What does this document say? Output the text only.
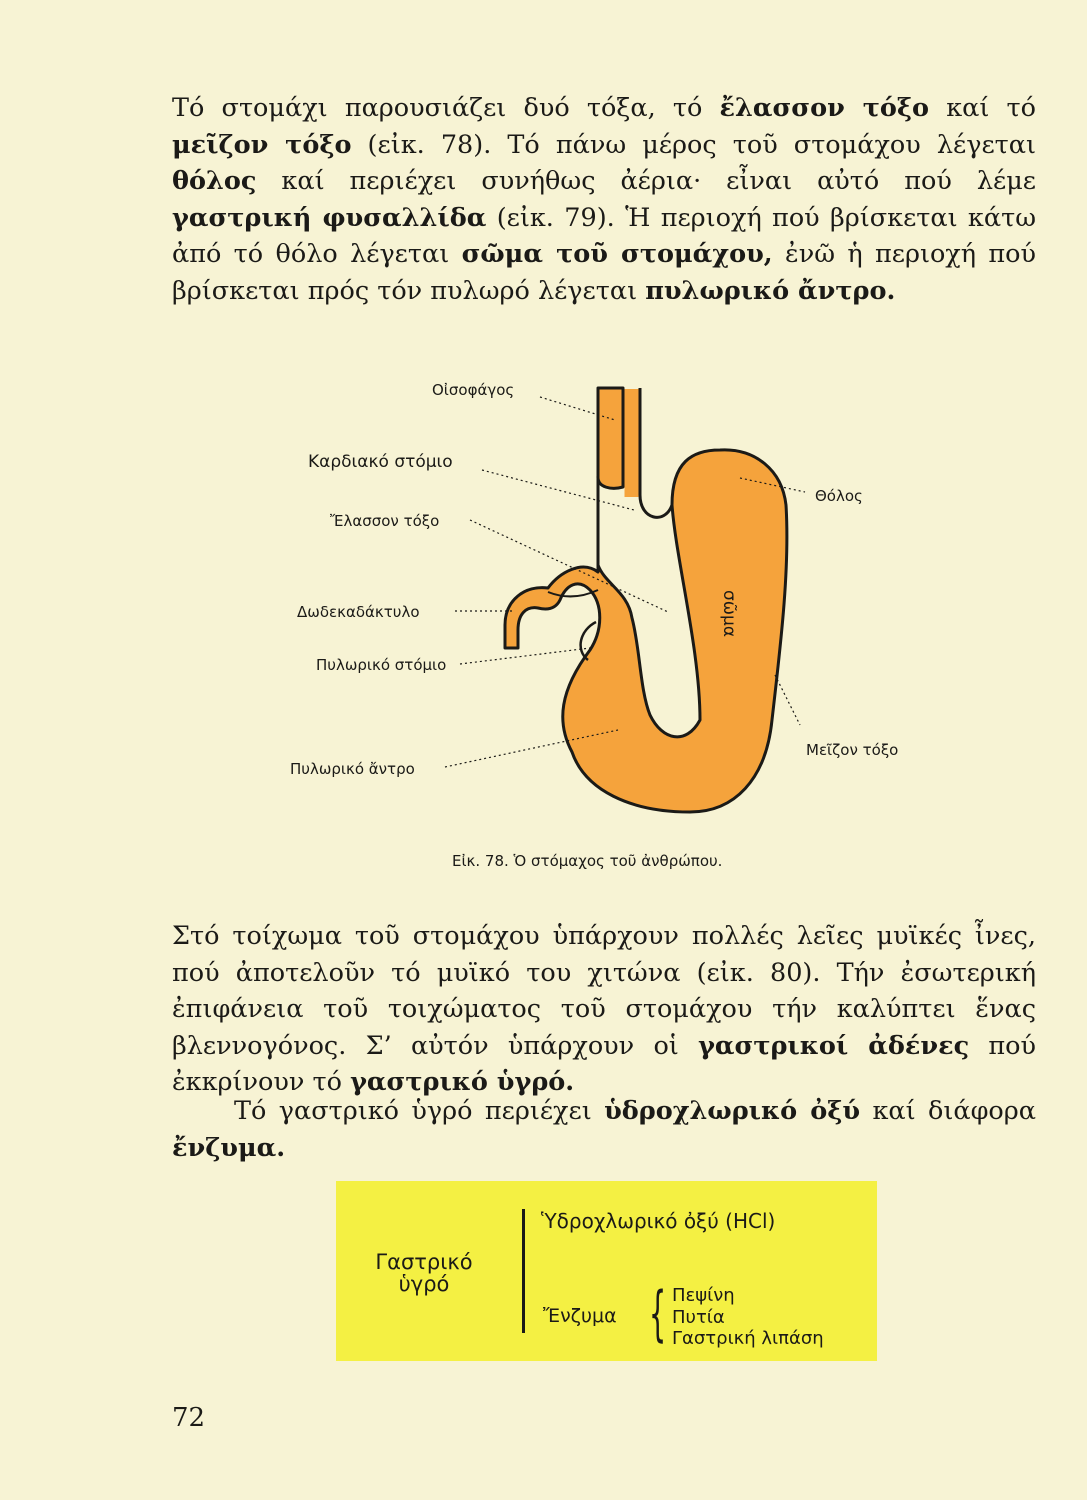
Τό στομάχι παρουσιάζει δυό τόξα, τό ἔλασσον τόξο καί τό μεῖζον τόξο (εἰκ. 78). Τό πάνω μέρος τοῦ στομάχου λέγεται θόλος καί περιέχει συνήθως ἀέρια· εἶναι αὐτό πού λέμε γαστρική φυσαλλίδα (εἰκ. 79). Ἡ περιοχή πού βρίσκεται κάτω ἀπό τό θόλο λέγεται σῶμα τοῦ στομάχου, ἐνῶ ἡ περιοχή πού βρίσκεται πρός τόν πυλωρό λέγεται πυλωρικό ἄντρο.

σῶμα
Οἰσοφάγος
Καρδιακό στόμιο
Ἔλασσον τόξο
Δωδεκαδάκτυλο
Πυλωρικό στόμιο
Πυλωρικό ἄντρο
Θόλος
Μεῖζον τόξο
Εἰκ. 78. Ὁ στόμαχος τοῦ ἀνθρώπου.

Στό τοίχωμα τοῦ στομάχου ὑπάρχουν πολλές λεῖες μυϊκές ἶνες, πού ἀποτελοῦν τό μυϊκό του χιτώνα (εἰκ. 80). Τήν ἐσωτερική ἐπιφάνεια τοῦ τοιχώματος τοῦ στομάχου τήν καλύπτει ἕνας βλεννογόνος. Σ’ αὐτόν ὑπάρχουν οἱ γαστρικοί ἀδένες πού ἐκκρίνουν τό γαστρικό ὑγρό.

Τό γαστρικό ὑγρό περιέχει ὑδροχλωρικό ὀξύ καί διάφορα ἔνζυμα.

Γαστρικό ὑγρό
Ὑδροχλωρικό ὀξύ (HCl)
Ἔνζυμα { Πεψίνη
Πυτία
Γαστρική λιπάση
72
